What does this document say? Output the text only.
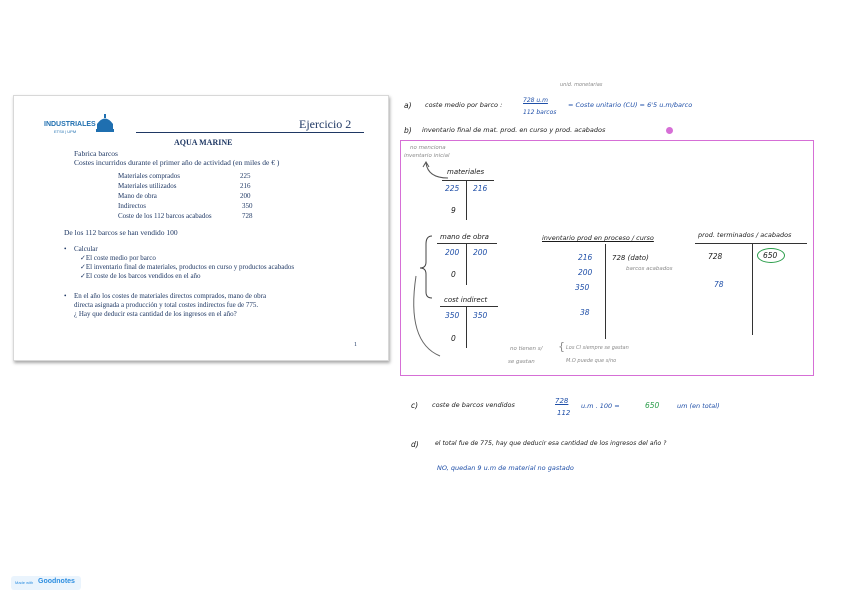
INDUSTRIALES
ETSII | UPM
Ejercicio 2
AQUA MARINE
Fabrica barcos
Costes incurridos durante el primer año de actividad (en miles de € )
Materiales comprados	225
Materiales utilizados	216
Mano de obra	200
Indirectos	350
Coste de los 112 barcos acabados	728
De los 112 barcos se han vendido 100
• Calcular
✓El coste medio por barco
✓El inventario final de materiales, productos en curso y productos acabados
✓El coste de los barcos vendidos en el año
• En el año los costes de materiales directos comprados, mano de obra
directa asignada a producción y total costes indirectos fue de 775.
¿ Hay que deducir esta cantidad de los ingresos en el año?
1
unid. monetarias
a) coste medio por barco :
728 u.m
112 barcos
= Coste unitario (CU) = 6'5 u.m/barco
b) inventario final de mat. prod. en curso y prod. acabados
no menciona
inventario inicial
materiales
225 216
9
mano de obra
200 200
0
cost indirect
350 350
0
no tienen s/
se gastan
{ Los CI siempre se gastan
M.O puede que s/no
inventario prod en proceso / curso
216
200
350
728 (dato)
barcos acabados
38
prod. terminados / acabados
728	650
78
c) coste de barcos vendidos	728
112
u.m . 100 =	650	um (en total)
d)	el total fue de 775, hay que deducir esa cantidad de los ingresos del año ?
NO, quedan 9 u.m de material no gastado
Made with Goodnotes
